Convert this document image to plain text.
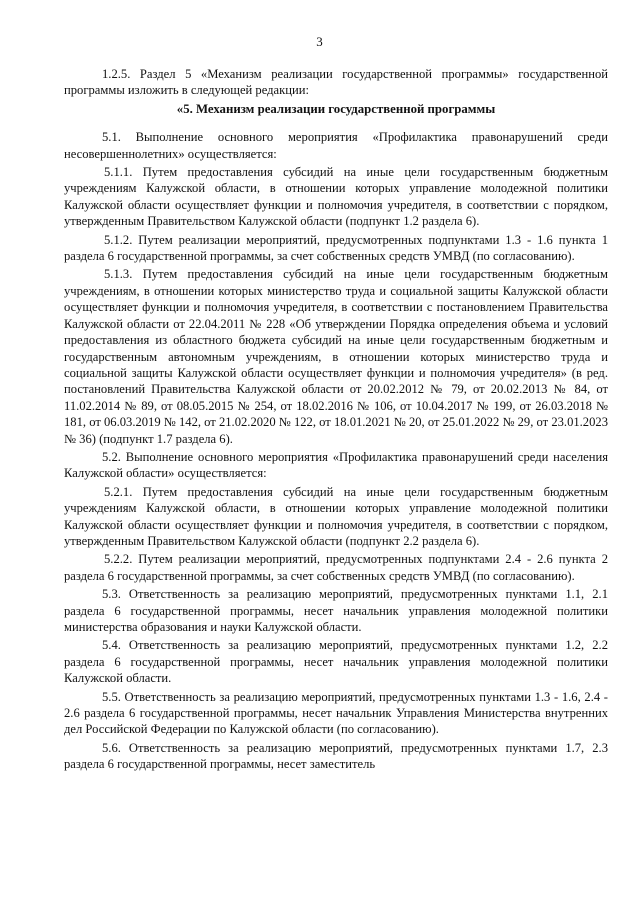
3

1.2.5. Раздел 5 «Механизм реализации государственной программы» государственной программы изложить в следующей редакции:

«5. Механизм реализации государственной программы

5.1. Выполнение основного мероприятия «Профилактика правонарушений среди несовершеннолетних» осуществляется:

5.1.1. Путем предоставления субсидий на иные цели государственным бюджетным учреждениям Калужской области, в отношении которых управление молодежной политики Калужской области осуществляет функции и полномочия учредителя, в соответствии с порядком, утвержденным Правительством Калужской области (подпункт 1.2 раздела 6).

5.1.2. Путем реализации мероприятий, предусмотренных подпунктами 1.3 - 1.6 пункта 1 раздела 6 государственной программы, за счет собственных средств УМВД (по согласованию).

5.1.3. Путем предоставления субсидий на иные цели государственным бюджетным учреждениям, в отношении которых министерство труда и социальной защиты Калужской области осуществляет функции и полномочия учредителя, в соответствии с постановлением Правительства Калужской области от 22.04.2011 № 228 «Об утверждении Порядка определения объема и условий предоставления из областного бюджета субсидий на иные цели государственным бюджетным и государственным автономным учреждениям, в отношении которых министерство труда и социальной защиты Калужской области осуществляет функции и полномочия учредителя» (в ред. постановлений Правительства Калужской области от 20.02.2012 № 79, от 20.02.2013 № 84, от 11.02.2014 № 89, от 08.05.2015 № 254, от 18.02.2016 № 106, от 10.04.2017 № 199, от 26.03.2018 № 181, от 06.03.2019 № 142, от 21.02.2020 № 122, от 18.01.2021 № 20, от 25.01.2022 № 29, от 23.01.2023 № 36) (подпункт 1.7 раздела 6).

5.2. Выполнение основного мероприятия «Профилактика правонарушений среди населения Калужской области» осуществляется:

5.2.1. Путем предоставления субсидий на иные цели государственным бюджетным учреждениям Калужской области, в отношении которых управление молодежной политики Калужской области осуществляет функции и полномочия учредителя, в соответствии с порядком, утвержденным Правительством Калужской области (подпункт 2.2 раздела 6).

5.2.2. Путем реализации мероприятий, предусмотренных подпунктами 2.4 - 2.6 пункта 2 раздела 6 государственной программы, за счет собственных средств УМВД (по согласованию).

5.3. Ответственность за реализацию мероприятий, предусмотренных пунктами 1.1, 2.1 раздела 6 государственной программы, несет начальник управления молодежной политики министерства образования и науки Калужской области.

5.4. Ответственность за реализацию мероприятий, предусмотренных пунктами 1.2, 2.2 раздела 6 государственной программы, несет начальник управления молодежной политики Калужской области.

5.5. Ответственность за реализацию мероприятий, предусмотренных пунктами 1.3 - 1.6, 2.4 - 2.6 раздела 6 государственной программы, несет начальник Управления Министерства внутренних дел Российской Федерации по Калужской области (по согласованию).

5.6. Ответственность за реализацию мероприятий, предусмотренных пунктами 1.7, 2.3 раздела 6 государственной программы, несет заместитель
